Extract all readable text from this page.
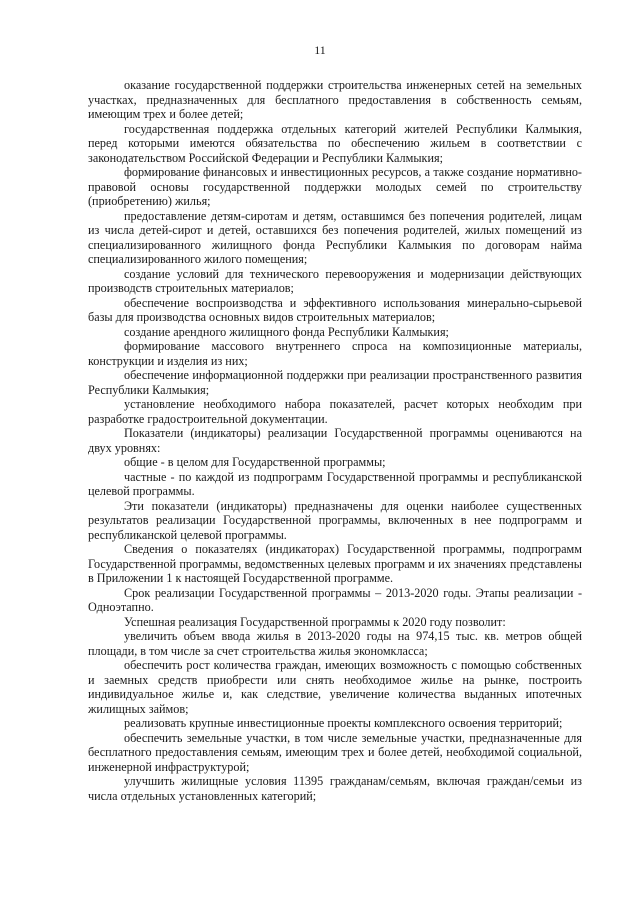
11

оказание государственной поддержки строительства инженерных сетей на земельных участках, предназначенных для бесплатного предоставления в собственность семьям, имеющим трех и более детей;

государственная поддержка отдельных категорий жителей Республики Калмыкия, перед которыми имеются обязательства по обеспечению жильем в соответствии с законодательством Российской Федерации и Республики Калмыкия;

формирование финансовых и инвестиционных ресурсов, а также создание нормативно-правовой основы государственной поддержки молодых семей по строительству (приобретению) жилья;

предоставление детям-сиротам и детям, оставшимся без попечения родителей, лицам из числа детей-сирот и детей, оставшихся без попечения родителей, жилых помещений из специализированного жилищного фонда Республики Калмыкия по договорам найма специализированного жилого помещения;

создание условий для технического перевооружения и модернизации действующих производств строительных материалов;

обеспечение воспроизводства и эффективного использования минерально-сырьевой базы для производства основных видов строительных материалов;

создание арендного жилищного фонда Республики Калмыкия;

формирование массового внутреннего спроса на композиционные материалы, конструкции и изделия из них;

обеспечение информационной поддержки при реализации пространственного развития Республики Калмыкия;

установление необходимого набора показателей, расчет которых необходим при разработке градостроительной документации.

Показатели (индикаторы) реализации Государственной программы оцениваются на двух уровнях:

общие - в целом для Государственной программы;

частные - по каждой из подпрограмм Государственной программы и республиканской целевой программы.

Эти показатели (индикаторы) предназначены для оценки наиболее существенных результатов реализации Государственной программы, включенных в нее подпрограмм и республиканской целевой программы.

Сведения о показателях (индикаторах) Государственной программы, подпрограмм Государственной программы, ведомственных целевых программ и их значениях представлены в Приложении 1 к настоящей Государственной программе.

Срок реализации Государственной программы – 2013-2020 годы. Этапы реализации - Одноэтапно.

Успешная реализация Государственной программы к 2020 году позволит:

увеличить объем ввода жилья в 2013-2020 годы на 974,15 тыс. кв. метров общей площади, в том числе за счет строительства жилья экономкласса;

обеспечить рост количества граждан, имеющих возможность с помощью собственных и заемных средств приобрести или снять необходимое жилье на рынке, построить индивидуальное жилье и, как следствие, увеличение количества выданных ипотечных жилищных займов;

реализовать крупные инвестиционные проекты комплексного освоения территорий;

обеспечить земельные участки, в том числе земельные участки, предназначенные для бесплатного предоставления семьям, имеющим трех и более детей, необходимой социальной, инженерной инфраструктурой;

улучшить жилищные условия 11395 гражданам/семьям, включая граждан/семьи из числа отдельных установленных категорий;
